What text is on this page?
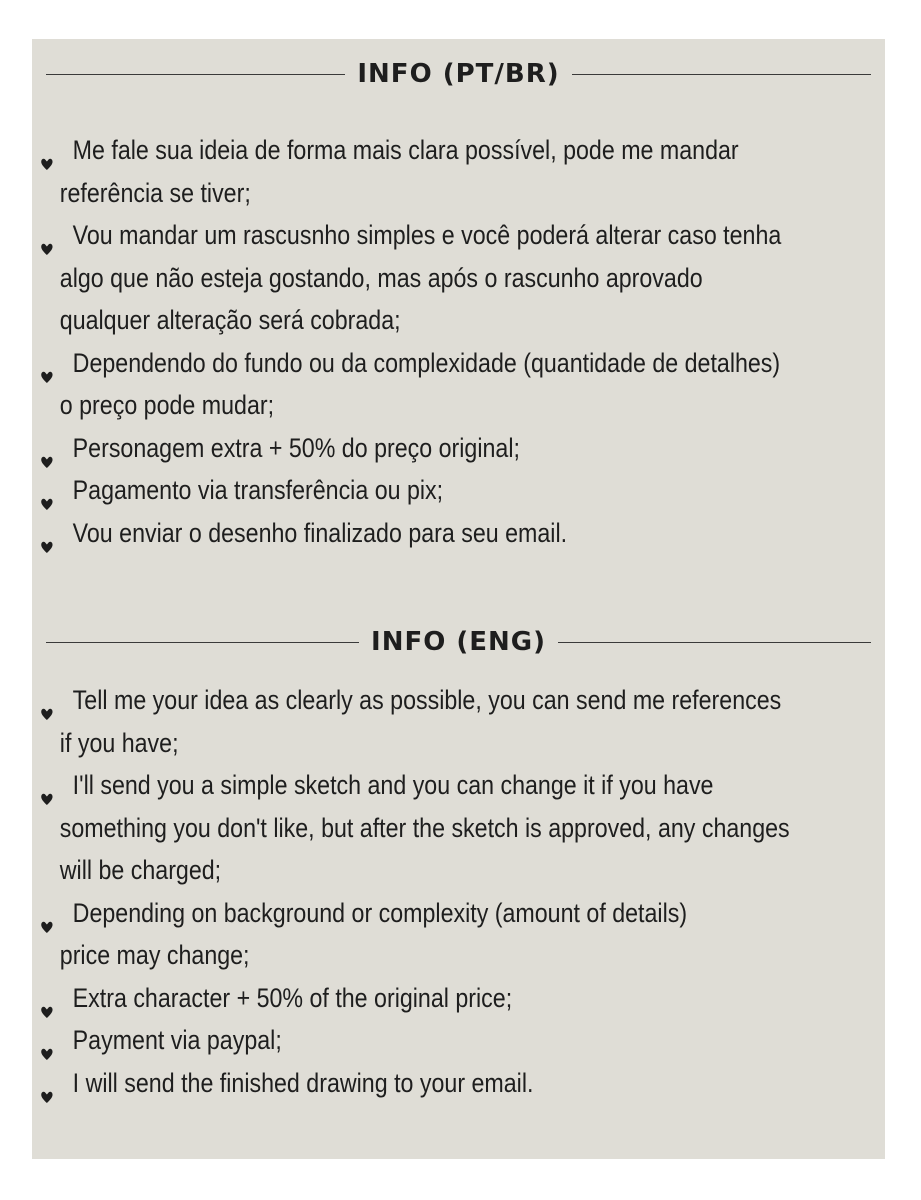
INFO (PT/BR)
Me fale sua ideia de forma mais clara possível, pode me mandar
referência se tiver;
Vou mandar um rascusnho simples e você poderá alterar caso tenha
algo que não esteja gostando, mas após o rascunho aprovado
qualquer alteração será cobrada;
Dependendo do fundo ou da complexidade (quantidade de detalhes)
o preço pode mudar;
Personagem extra + 50% do preço original;
Pagamento via transferência ou pix;
Vou enviar o desenho finalizado para seu email.
INFO (ENG)
Tell me your idea as clearly as possible, you can send me references
if you have;
I'll send you a simple sketch and you can change it if you have
something you don't like, but after the sketch is approved, any changes
will be charged;
Depending on background or complexity (amount of details)
price may change;
Extra character + 50% of the original price;
Payment via paypal;
I will send the finished drawing to your email.
